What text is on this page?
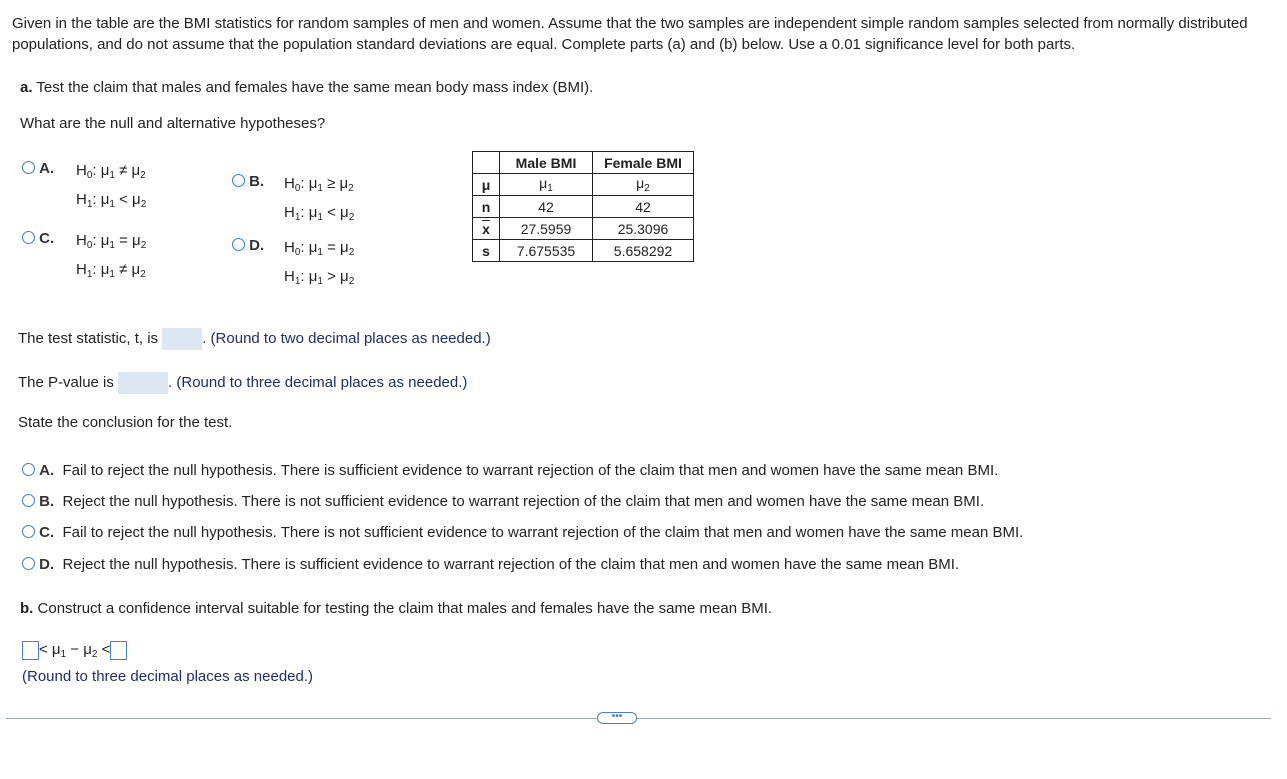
Given in the table are the BMI statistics for random samples of men and women. Assume that the two samples are independent simple random samples selected from normally distributed populations, and do not assume that the population standard deviations are equal. Complete parts (a) and (b) below. Use a 0.01 significance level for both parts.
a. Test the claim that males and females have the same mean body mass index (BMI).
What are the null and alternative hypotheses?
A. $H_0$: $\mu_1 \ne \mu_2$
$H_1$: $\mu_1 < \mu_2$
B. $H_0$: $\mu_1 \ge \mu_2$
$H_1$: $\mu_1 < \mu_2$
C. $H_0$: $\mu_1 = \mu_2$
$H_1$: $\mu_1 \ne \mu_2$
D. $H_0$: $\mu_1 = \mu_2$
$H_1$: $\mu_1 > \mu_2$
	Male BMI	Female BMI
μ	$\mu_1$	$\mu_2$
n	42	42
$\overline{x}$	27.5959	25.3096
s	7.675535	5.658292
The test statistic, t, is	. (Round to two decimal places as needed.)
The P-value is	. (Round to three decimal places as needed.)
State the conclusion for the test.
A. Fail to reject the null hypothesis. There is sufficient evidence to warrant rejection of the claim that men and women have the same mean BMI.
B. Reject the null hypothesis. There is not sufficient evidence to warrant rejection of the claim that men and women have the same mean BMI.
C. Fail to reject the null hypothesis. There is not sufficient evidence to warrant rejection of the claim that men and women have the same mean BMI.
D. Reject the null hypothesis. There is sufficient evidence to warrant rejection of the claim that men and women have the same mean BMI.
b. Construct a confidence interval suitable for testing the claim that males and females have the same mean BMI.
< $\mu_1 - \mu_2$ <
(Round to three decimal places as needed.)
•••
